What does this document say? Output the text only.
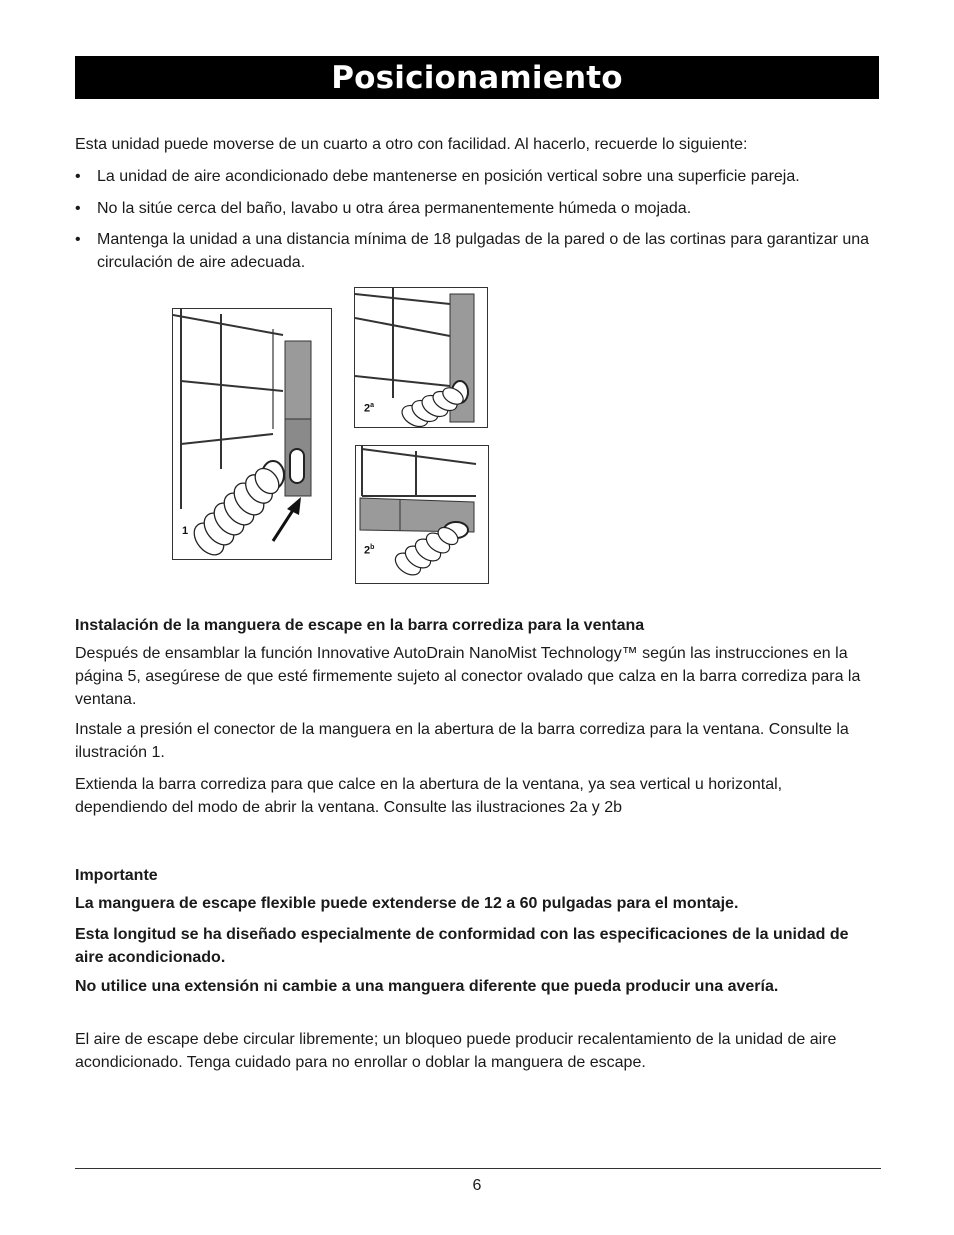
Posicionamiento

Esta unidad puede moverse de un cuarto a otro con facilidad. Al hacerlo, recuerde lo siguiente:

• La unidad de aire acondicionado debe mantenerse en posición vertical sobre una superficie pareja.
• No la sitúe cerca del baño, lavabo u otra área permanentemente húmeda o mojada.
• Mantenga la unidad a una distancia mínima de 18 pulgadas de la pared o de las cortinas para garantizar una circulación de aire adecuada.
1
2$^a$
2$^b$

Instalación de la manguera de escape en la barra corrediza para la ventana

Después de ensamblar la función Innovative AutoDrain NanoMist Technology™ según las instrucciones en la página 5, asegúrese de que esté firmemente sujeto al conector ovalado que calza en la barra corrediza para la ventana.

Instale a presión el conector de la manguera en la abertura de la barra corrediza para la ventana. Consulte la ilustración 1.

Extienda la barra corrediza para que calce en la abertura de la ventana, ya sea vertical u horizontal, dependiendo del modo de abrir la ventana. Consulte las ilustraciones 2a y 2b

Importante

La manguera de escape flexible puede extenderse de 12 a 60 pulgadas para el montaje.

Esta longitud se ha diseñado especialmente de conformidad con las especificaciones de la unidad de aire acondicionado.

No utilice una extensión ni cambie a una manguera diferente que pueda producir una avería.

El aire de escape debe circular libremente; un bloqueo puede producir recalentamiento de la unidad de aire acondicionado. Tenga cuidado para no enrollar o doblar la manguera de escape.

6
